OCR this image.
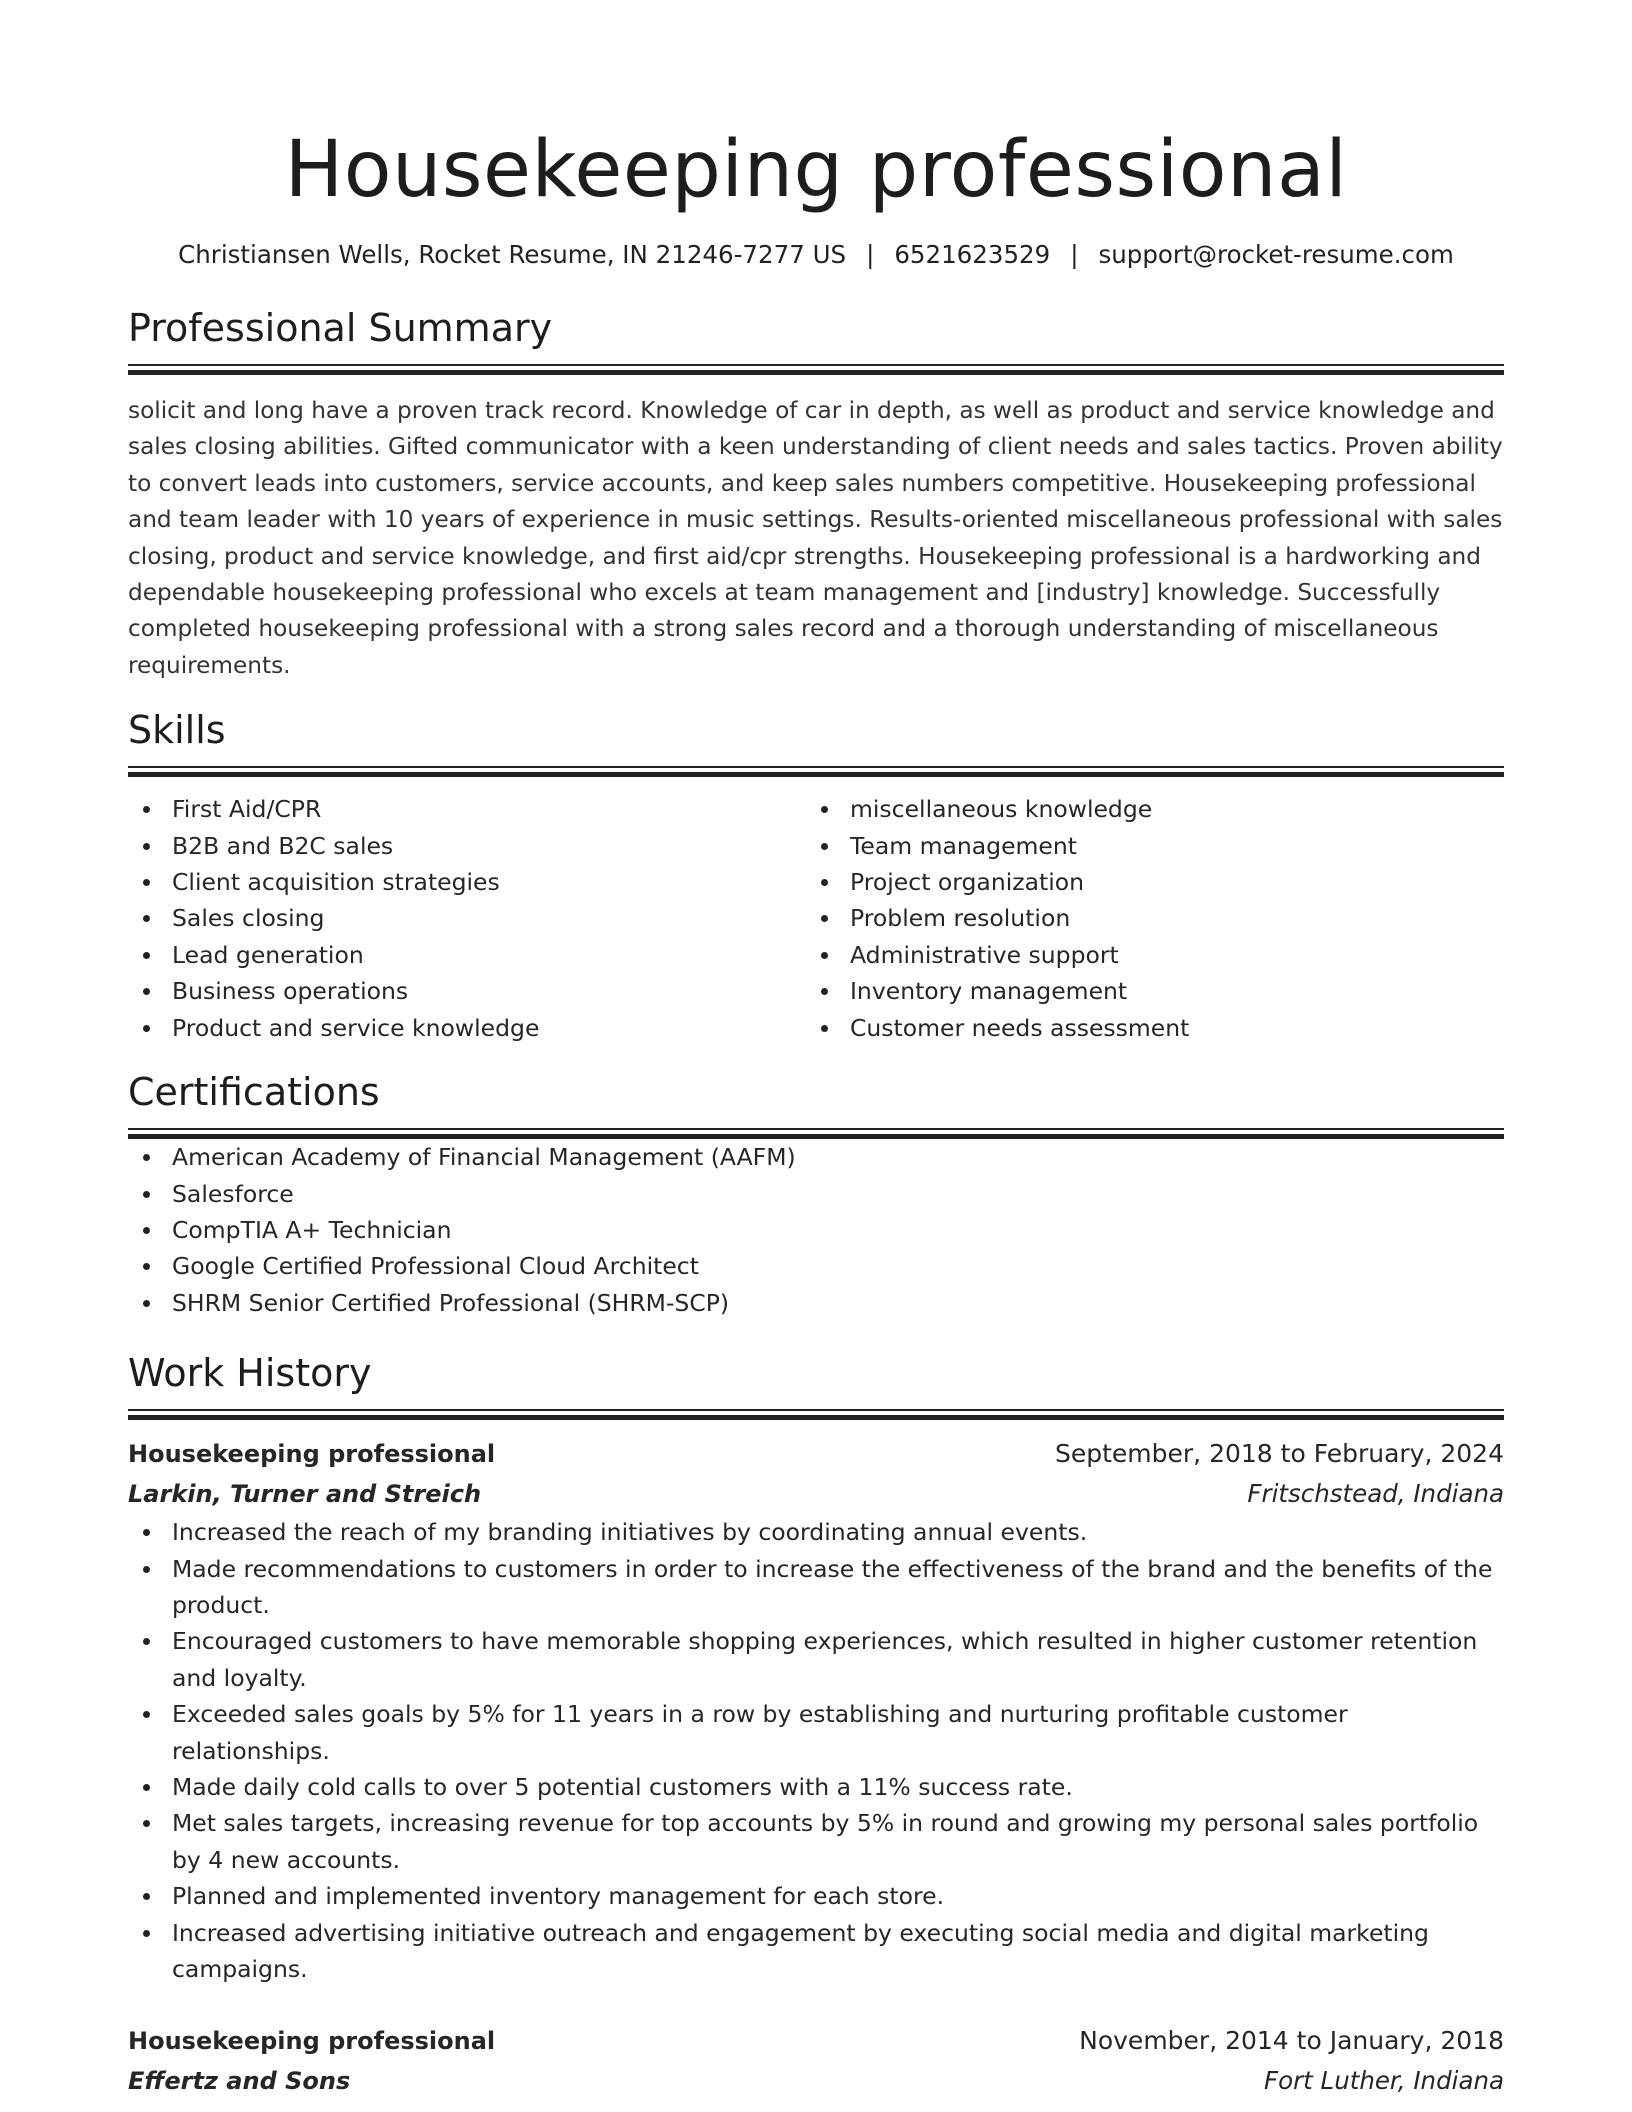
Housekeeping professional
Christiansen Wells, Rocket Resume, IN 21246-7277 US | 6521623529 | support@rocket-resume.com
Professional Summary

solicit and long have a proven track record. Knowledge of car in depth, as well as product and service knowledge and sales closing abilities. Gifted communicator with a keen understanding of client needs and sales tactics. Proven ability to convert leads into customers, service accounts, and keep sales numbers competitive. Housekeeping professional and team leader with 10 years of experience in music settings. Results-oriented miscellaneous professional with sales closing, product and service knowledge, and first aid/cpr strengths. Housekeeping professional is a hardworking and dependable housekeeping professional who excels at team management and [industry] knowledge. Successfully completed housekeeping professional with a strong sales record and a thorough understanding of miscellaneous requirements.

Skills
First Aid/CPR
B2B and B2C sales
Client acquisition strategies
Sales closing
Lead generation
Business operations
Product and service knowledge
miscellaneous knowledge
Team management
Project organization
Problem resolution
Administrative support
Inventory management
Customer needs assessment
Certifications
American Academy of Financial Management (AAFM)
Salesforce
CompTIA A+ Technician
Google Certified Professional Cloud Architect
SHRM Senior Certified Professional (SHRM-SCP)
Work History
Housekeeping professional	September, 2018 to February, 2024
Larkin, Turner and Streich	Fritschstead, Indiana
Increased the reach of my branding initiatives by coordinating annual events.
Made recommendations to customers in order to increase the effectiveness of the brand and the benefits of the product.
Encouraged customers to have memorable shopping experiences, which resulted in higher customer retention and loyalty.
Exceeded sales goals by 5% for 11 years in a row by establishing and nurturing profitable customer relationships.
Made daily cold calls to over 5 potential customers with a 11% success rate.
Met sales targets, increasing revenue for top accounts by 5% in round and growing my personal sales portfolio by 4 new accounts.
Planned and implemented inventory management for each store.
Increased advertising initiative outreach and engagement by executing social media and digital marketing campaigns.
Housekeeping professional	November, 2014 to January, 2018
Effertz and Sons	Fort Luther, Indiana
